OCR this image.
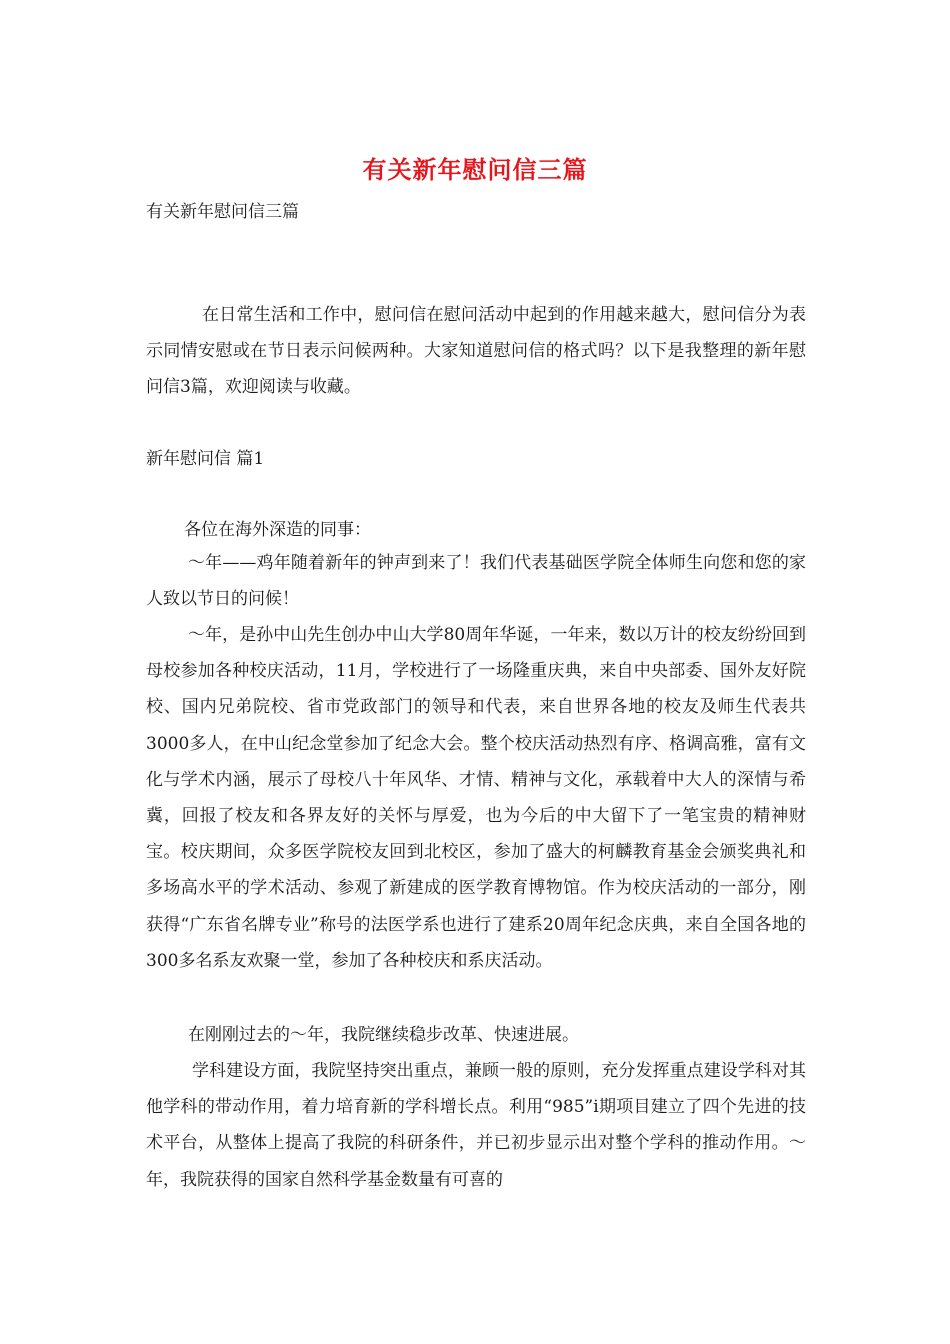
有关新年慰问信三篇
有关新年慰问信三篇

在日常生活和工作中，慰问信在慰问活动中起到的作用越来越大，慰问信分为表示同情安慰或在节日表示问候两种。大家知道慰问信的格式吗？以下是我整理的新年慰问信3篇，欢迎阅读与收藏。

新年慰问信 篇1

各位在海外深造的同事：

～年——鸡年随着新年的钟声到来了！我们代表基础医学院全体师生向您和您的家人致以节日的问候！

～年，是孙中山先生创办中山大学80周年华诞，一年来，数以万计的校友纷纷回到母校参加各种校庆活动，11月，学校进行了一场隆重庆典，来自中央部委、国外友好院校、国内兄弟院校、省市党政部门的领导和代表，来自世界各地的校友及师生代表共3000多人，在中山纪念堂参加了纪念大会。整个校庆活动热烈有序、格调高雅，富有文化与学术内涵，展示了母校八十年风华、才情、精神与文化，承载着中大人的深情与希冀，回报了校友和各界友好的关怀与厚爱，也为今后的中大留下了一笔宝贵的精神财宝。校庆期间，众多医学院校友回到北校区，参加了盛大的柯麟教育基金会颁奖典礼和多场高水平的学术活动、参观了新建成的医学教育博物馆。作为校庆活动的一部分，刚获得“广东省名牌专业”称号的法医学系也进行了建系20周年纪念庆典，来自全国各地的300多名系友欢聚一堂，参加了各种校庆和系庆活动。

在刚刚过去的～年，我院继续稳步改革、快速进展。

学科建设方面，我院坚持突出重点，兼顾一般的原则，充分发挥重点建设学科对其他学科的带动作用，着力培育新的学科增长点。利用“985”i期项目建立了四个先进的技术平台，从整体上提高了我院的科研条件，并已初步显示出对整个学科的推动作用。～年，我院获得的国家自然科学基金数量有可喜的
